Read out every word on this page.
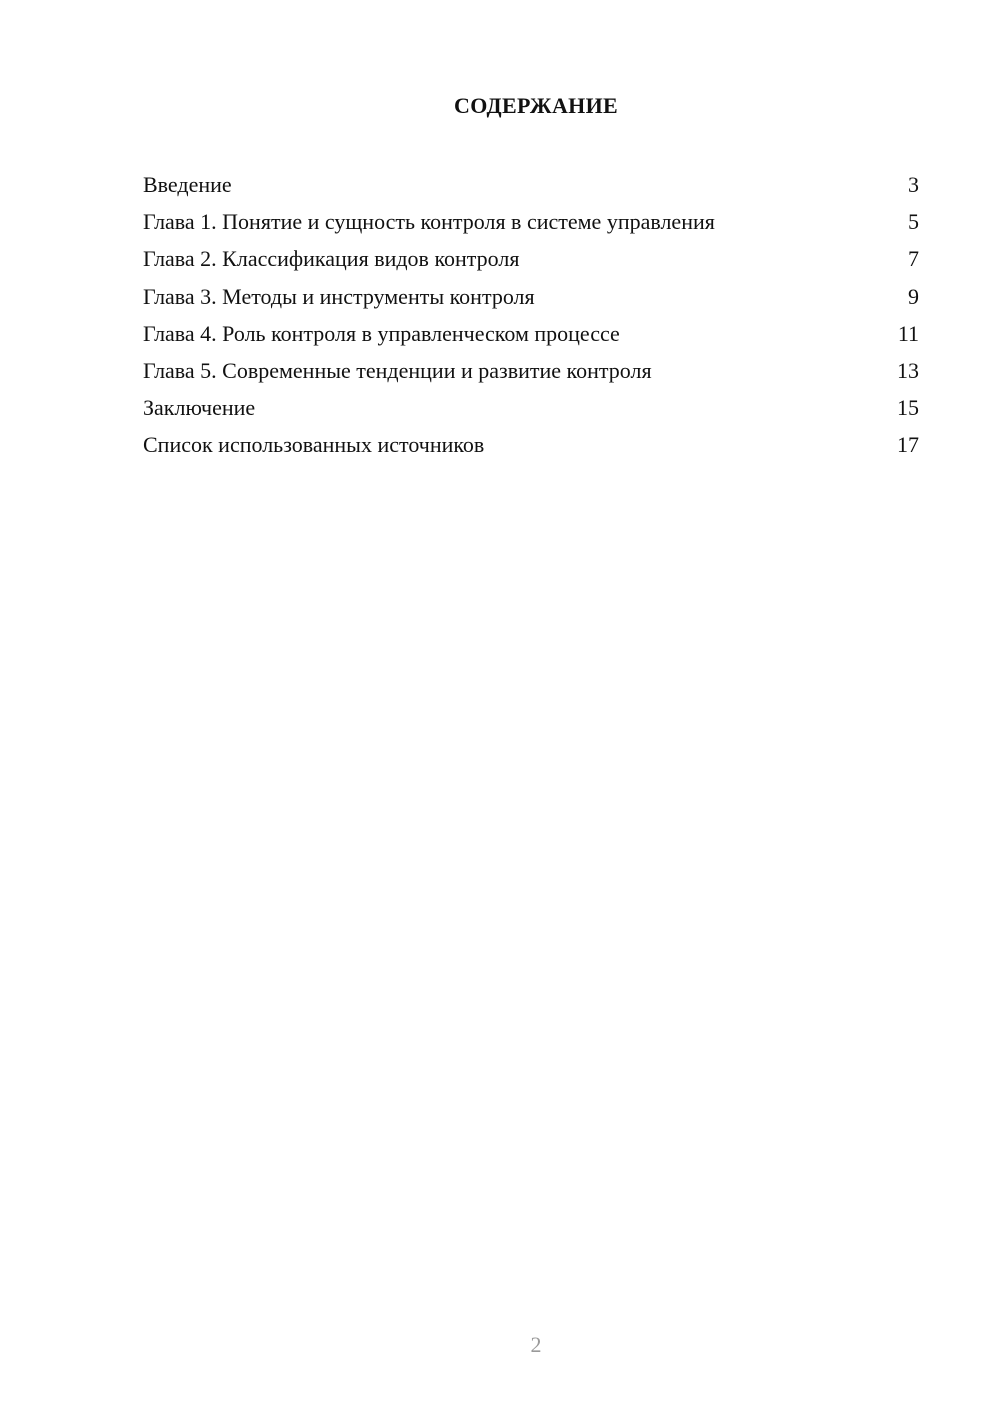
СОДЕРЖАНИЕ
Введение	3
Глава 1. Понятие и сущность контроля в системе управления	5
Глава 2. Классификация видов контроля	7
Глава 3. Методы и инструменты контроля	9
Глава 4. Роль контроля в управленческом процессе	11
Глава 5. Современные тенденции и развитие контроля	13
Заключение	15
Список использованных источников	17
2
